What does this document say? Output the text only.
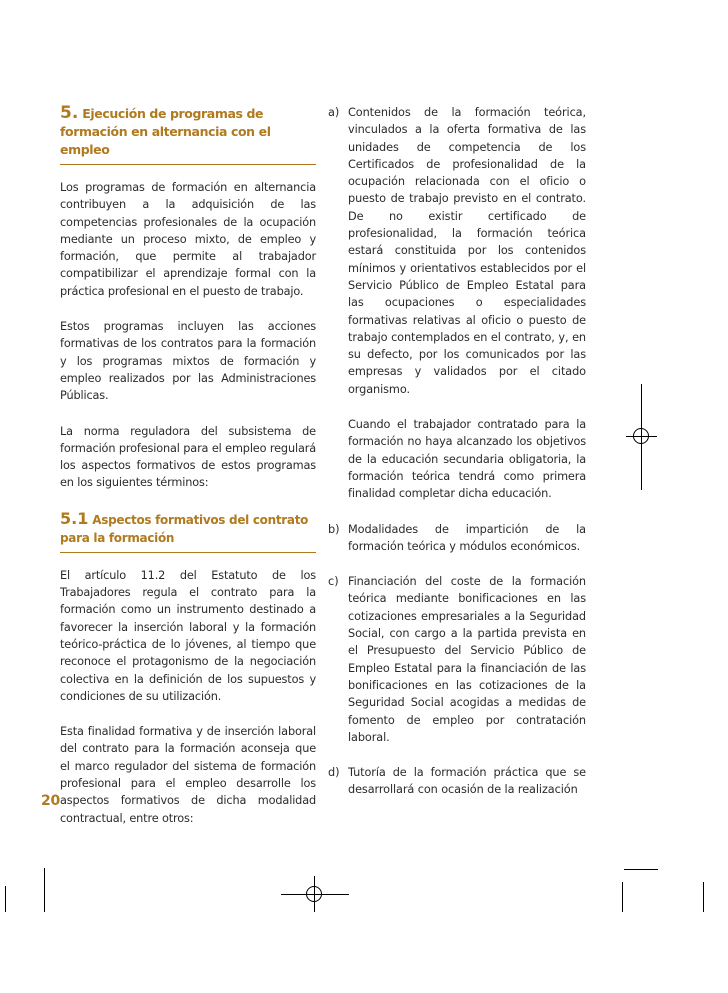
5. Ejecución de programas de formación en alternancia con el empleo

Los programas de formación en alternancia contribuyen a la adquisición de las competencias profesionales de la ocupación mediante un proceso mixto, de empleo y formación, que permite al trabajador compatibilizar el aprendizaje formal con la práctica profesional en el puesto de trabajo.

Estos programas incluyen las acciones formativas de los contratos para la formación y los programas mixtos de formación y empleo realizados por las Administraciones Públicas.

La norma reguladora del subsistema de formación profesional para el empleo regulará los aspectos formativos de estos programas en los siguientes términos:

5.1 Aspectos formativos del contrato para la formación

El artículo 11.2 del Estatuto de los Trabajadores regula el contrato para la formación como un instrumento destinado a favorecer la inserción laboral y la formación teórico-práctica de lo jóvenes, al tiempo que reconoce el protagonismo de la negociación colectiva en la definición de los supuestos y condiciones de su utilización.

Esta finalidad formativa y de inserción laboral del contrato para la formación aconseja que el marco regulador del sistema de formación profesional para el empleo desarrolle los aspectos formativos de dicha modalidad contractual, entre otros:

a) Contenidos de la formación teórica, vinculados a la oferta formativa de las unidades de competencia de los Certificados de profesionalidad de la ocupación relacionada con el oficio o puesto de trabajo previsto en el contrato. De no existir certificado de profesionalidad, la formación teórica estará constituida por los contenidos mínimos y orientativos establecidos por el Servicio Público de Empleo Estatal para las ocupaciones o especialidades formativas relativas al oficio o puesto de trabajo contemplados en el contrato, y, en su defecto, por los comunicados por las empresas y validados por el citado organismo.

Cuando el trabajador contratado para la formación no haya alcanzado los objetivos de la educación secundaria obligatoria, la formación teórica tendrá como primera finalidad completar dicha educación.

b) Modalidades de impartición de la formación teórica y módulos económicos.
c) Financiación del coste de la formación teórica mediante bonificaciones en las cotizaciones empresariales a la Seguridad Social, con cargo a la partida prevista en el Presupuesto del Servicio Público de Empleo Estatal para la financiación de las bonificaciones en las cotizaciones de la Seguridad Social acogidas a medidas de fomento de empleo por contratación laboral.
d) Tutoría de la formación práctica que se desarrollará con ocasión de la realización
20
